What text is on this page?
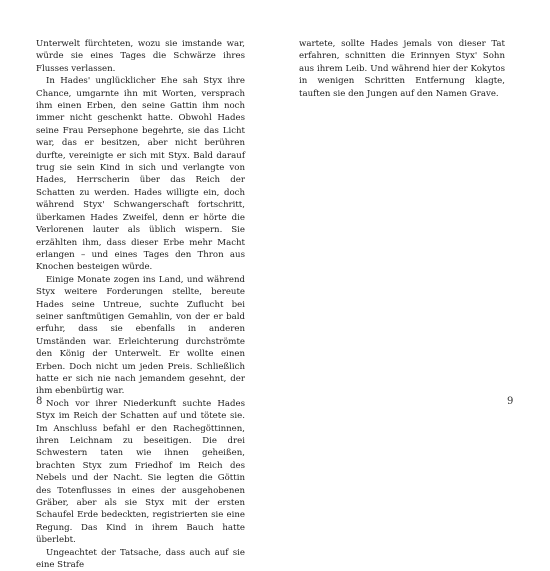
Unterwelt fürchteten, wozu sie imstande war, würde sie eines Tages die Schwärze ihres Flusses verlassen.

In Hades' unglücklicher Ehe sah Styx ihre Chance, umgarnte ihn mit Worten, versprach ihm einen Erben, den seine Gattin ihm noch immer nicht geschenkt hatte. Obwohl Hades seine Frau Persephone begehrte, sie das Licht war, das er besitzen, aber nicht berühren durfte, vereinigte er sich mit Styx. Bald darauf trug sie sein Kind in sich und verlangte von Hades, Herrscherin über das Reich der Schatten zu werden. Hades willigte ein, doch während Styx' Schwangerschaft fortschritt, überkamen Hades Zweifel, denn er hörte die Verlorenen lauter als üblich wispern. Sie erzählten ihm, dass dieser Erbe mehr Macht erlangen – und eines Tages den Thron aus Knochen besteigen würde.

Einige Monate zogen ins Land, und während Styx weitere Forderungen stellte, bereute Hades seine Untreue, suchte Zuflucht bei seiner sanftmütigen Gemahlin, von der er bald erfuhr, dass sie ebenfalls in anderen Umständen war. Erleichterung durchströmte den König der Unterwelt. Er wollte einen Erben. Doch nicht um jeden Preis. Schließlich hatte er sich nie nach jemandem gesehnt, der ihm ebenbürtig war.

Noch vor ihrer Niederkunft suchte Hades Styx im Reich der Schatten auf und tötete sie. Im Anschluss befahl er den Rachegöttinnen, ihren Leichnam zu beseitigen. Die drei Schwestern taten wie ihnen geheißen, brachten Styx zum Friedhof im Reich des Nebels und der Nacht. Sie legten die Göttin des Totenflusses in eines der ausgehobenen Gräber, aber als sie Styx mit der ersten Schaufel Erde bedeckten, registrierten sie eine Regung. Das Kind in ihrem Bauch hatte überlebt.

Ungeachtet der Tatsache, dass auch auf sie eine Strafe

8

wartete, sollte Hades jemals von dieser Tat erfahren, schnitten die Erinnyen Styx' Sohn aus ihrem Leib. Und während hier der Kokytos in wenigen Schritten Entfernung klagte, tauften sie den Jungen auf den Namen Grave.

9
